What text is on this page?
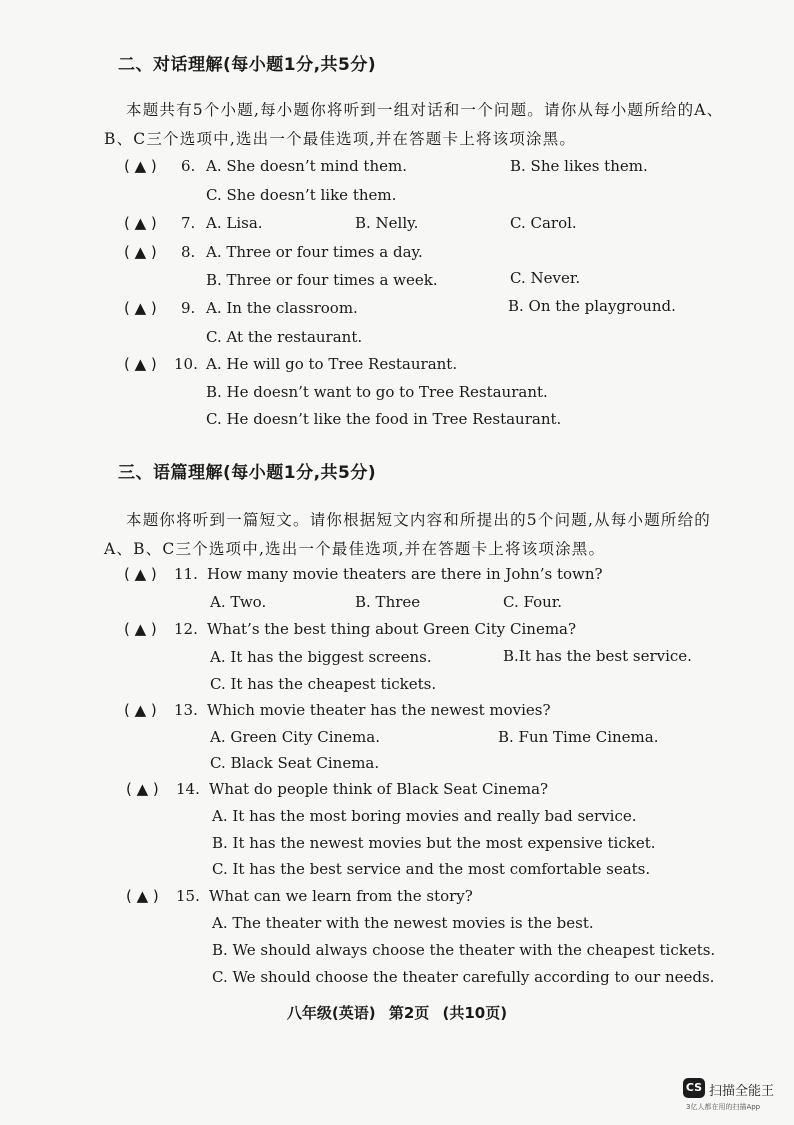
二、对话理解(每小题1分,共5分)
本题共有5个小题,每小题你将听到一组对话和一个问题。请你从每小题所给的A、B、C三个选项中,选出一个最佳选项,并在答题卡上将该项涂黑。
( ▲ ) 6. A. She doesn’t mind them.	B. She likes them.
C. She doesn’t like them.
( ▲ ) 7. A. Lisa.	B. Nelly.	C. Carol.
( ▲ ) 8. A. Three or four times a day.
B. Three or four times a week.	C. Never.
( ▲ ) 9. A. In the classroom.	B. On the playground.
C. At the restaurant.
( ▲ ) 10. A. He will go to Tree Restaurant.
B. He doesn’t want to go to Tree Restaurant.
C. He doesn’t like the food in Tree Restaurant.
三、语篇理解(每小题1分,共5分)
本题你将听到一篇短文。请你根据短文内容和所提出的5个问题,从每小题所给的A、B、C三个选项中,选出一个最佳选项,并在答题卡上将该项涂黑。
( ▲ ) 11. How many movie theaters are there in John’s town?
A. Two.	B. Three	C. Four.
( ▲ ) 12. What’s the best thing about Green City Cinema?
A. It has the biggest screens.	B.It has the best service.
C. It has the cheapest tickets.
( ▲ ) 13. Which movie theater has the newest movies?
A. Green City Cinema.	B. Fun Time Cinema.
C. Black Seat Cinema.
( ▲ ) 14. What do people think of Black Seat Cinema?
A. It has the most boring movies and really bad service.
B. It has the newest movies but the most expensive ticket.
C. It has the best service and the most comfortable seats.
( ▲ ) 15. What can we learn from the story?
A. The theater with the newest movies is the best.
B. We should always choose the theater with the cheapest tickets.
C. We should choose the theater carefully according to our needs.
八年级(英语) 第2页 (共10页)
CS 扫描全能王
3亿人都在用的扫描App
